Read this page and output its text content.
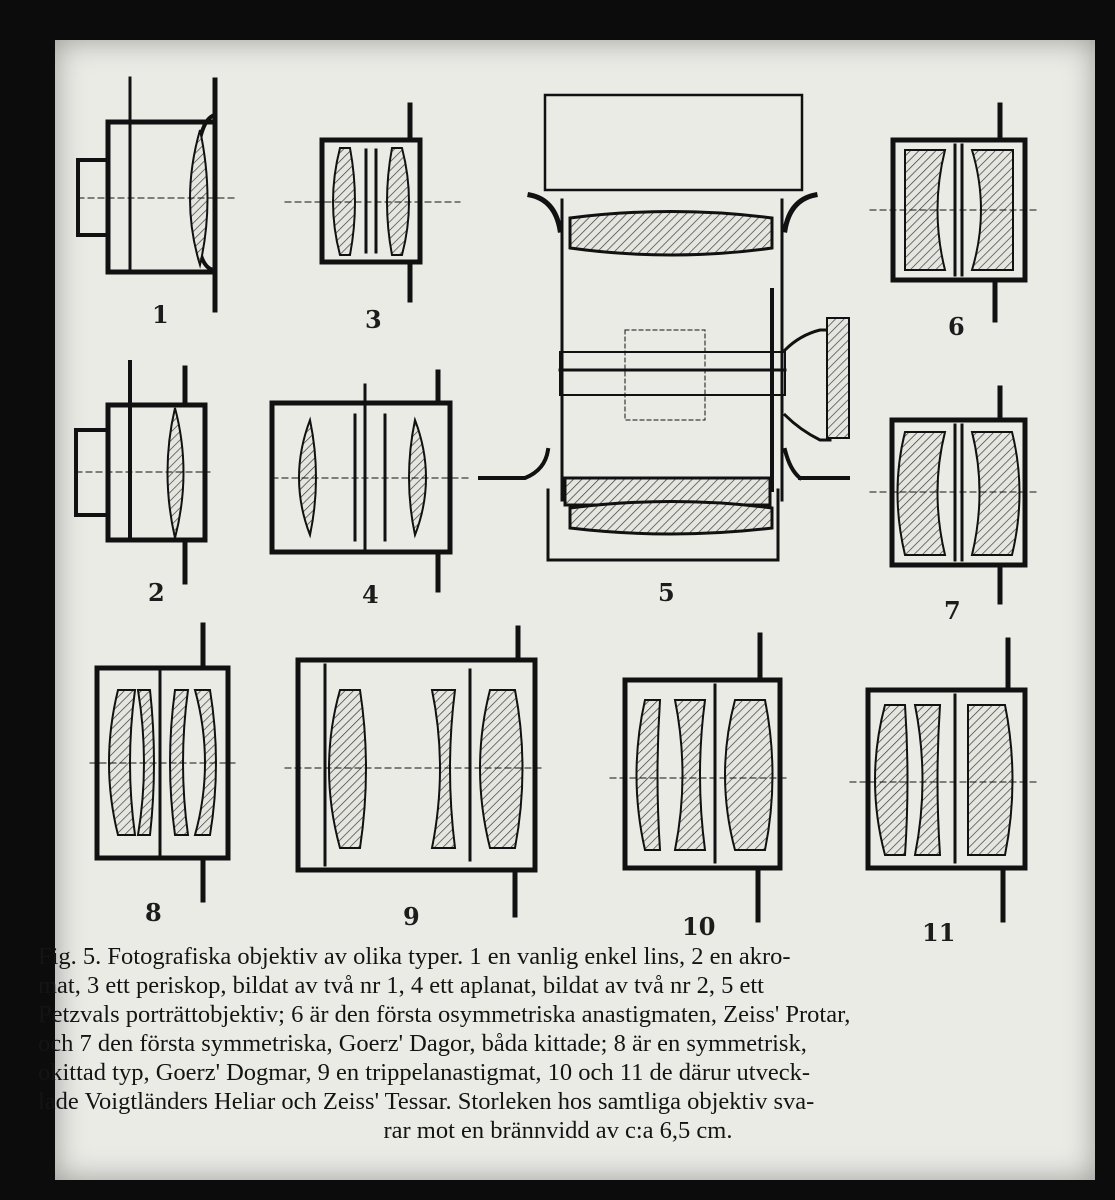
1
2
3
4	5
6
7
8	9	10	11
Fig. 5. Fotografiska objektiv av olika typer. 1 en vanlig enkel lins, 2 en akro-
mat, 3 ett periskop, bildat av två nr 1, 4 ett aplanat, bildat av två nr 2, 5 ett
Petzvals porträttobjektiv; 6 är den första osymmetriska anastigmaten, Zeiss' Protar,
och 7 den första symmetriska, Goerz' Dagor, båda kittade; 8 är en symmetrisk,
okittad typ, Goerz' Dogmar, 9 en trippelanastigmat, 10 och 11 de därur utveck-
lade Voigtländers Heliar och Zeiss' Tessar. Storleken hos samtliga objektiv sva-
rar mot en brännvidd av c:a 6,5 cm.
